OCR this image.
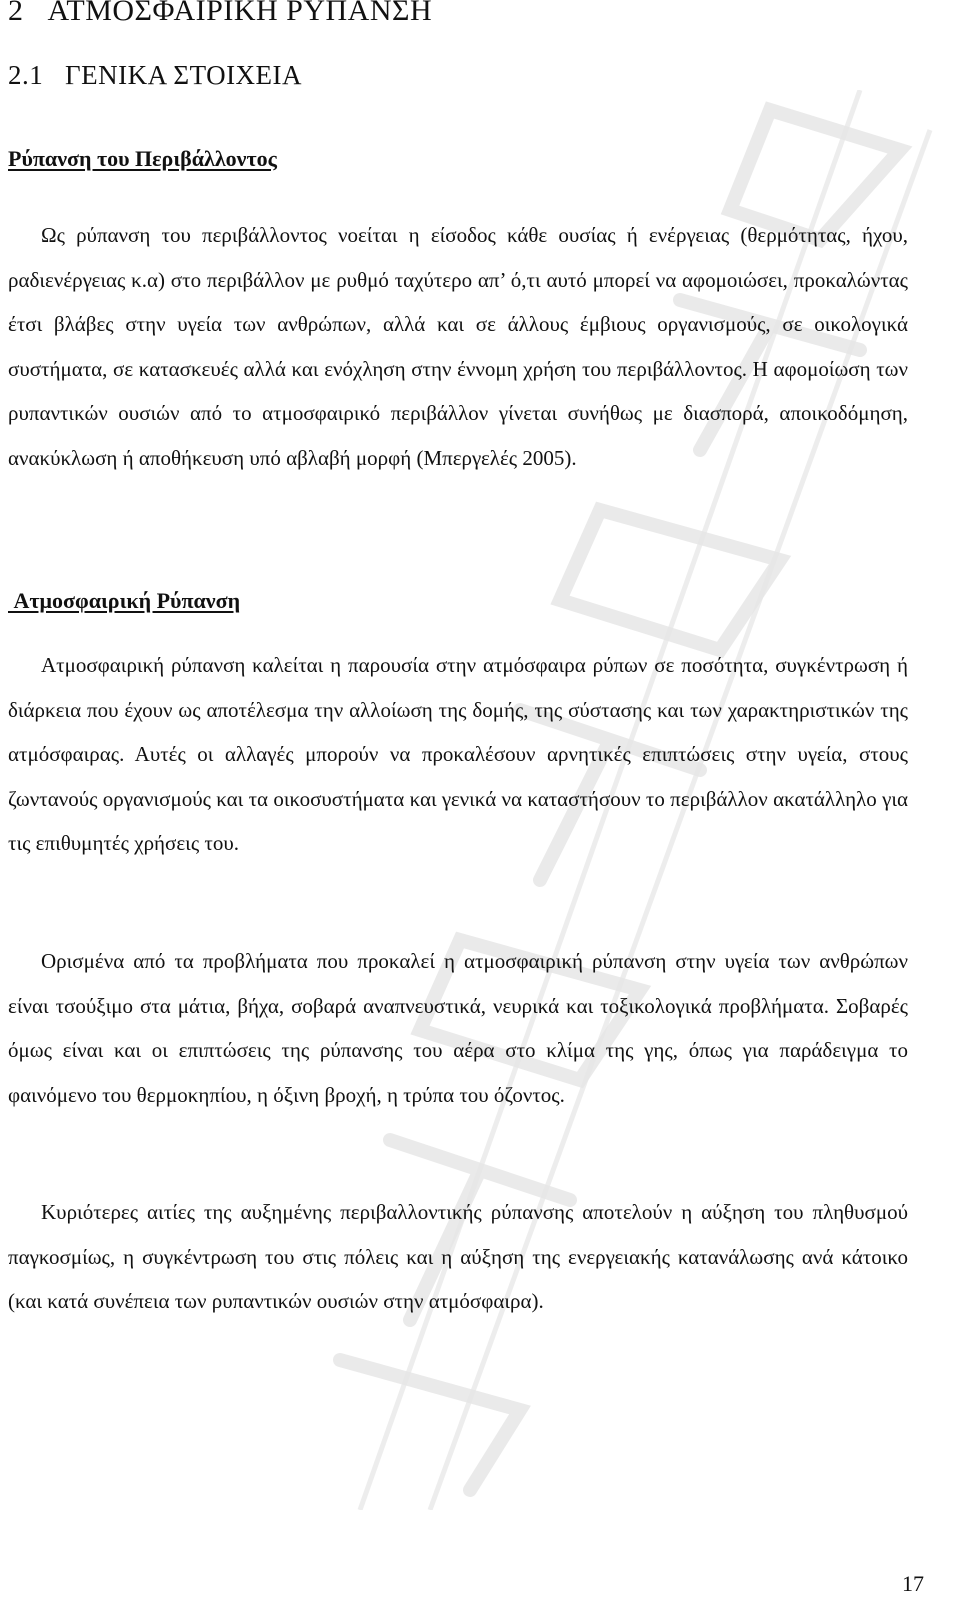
2   ΑΤΜΟΣΦΑΙΡΙΚΗ ΡΥΠΑΝΣΗ
2.1   ΓΕΝΙΚΑ ΣΤΟΙΧΕΙΑ
Ρύπανση του Περιβάλλοντος

Ως ρύπανση του περιβάλλοντος νοείται η είσοδος κάθε ουσίας ή ενέργειας (θερμότητας, ήχου, ραδιενέργειας κ.α) στο περιβάλλον με ρυθμό ταχύτερο απ’ ό,τι αυτό μπορεί να αφομοιώσει, προκαλώντας έτσι βλάβες στην υγεία των ανθρώπων, αλλά και σε άλλους έμβιους οργανισμούς, σε οικολογικά συστήματα, σε κατασκευές αλλά και ενόχληση στην έννομη χρήση του περιβάλλοντος. Η αφομοίωση των ρυπαντικών ουσιών από το ατμοσφαιρικό περιβάλλον γίνεται συνήθως με διασπορά, αποικοδόμηση, ανακύκλωση ή αποθήκευση υπό αβλαβή μορφή (Μπεργελές 2005).

Ατμοσφαιρική Ρύπανση

Ατμοσφαιρική ρύπανση καλείται η παρουσία στην ατμόσφαιρα ρύπων σε ποσότητα, συγκέντρωση ή διάρκεια που έχουν ως αποτέλεσμα την αλλοίωση της δομής, της σύστασης και των χαρακτηριστικών της ατμόσφαιρας. Αυτές οι αλλαγές μπορούν να προκαλέσουν αρνητικές επιπτώσεις στην υγεία, στους ζωντανούς οργανισμούς και τα οικοσυστήματα και γενικά να καταστήσουν το περιβάλλον ακατάλληλο για τις επιθυμητές χρήσεις του.

Ορισμένα από τα προβλήματα που προκαλεί η ατμοσφαιρική ρύπανση στην υγεία των ανθρώπων είναι τσούξιμο στα μάτια, βήχα, σοβαρά αναπνευστικά, νευρικά και τοξικολογικά προβλήματα. Σοβαρές όμως είναι και οι επιπτώσεις της ρύπανσης του αέρα στο κλίμα της γης, όπως για παράδειγμα το φαινόμενο του θερμοκηπίου, η όξινη βροχή, η τρύπα του όζοντος.

Κυριότερες αιτίες της αυξημένης περιβαλλοντικής ρύπανσης αποτελούν η αύξηση του πληθυσμού παγκοσμίως, η συγκέντρωση του στις πόλεις και η αύξηση της ενεργειακής κατανάλωσης ανά κάτοικο (και κατά συνέπεια των ρυπαντικών ουσιών στην ατμόσφαιρα).

17
